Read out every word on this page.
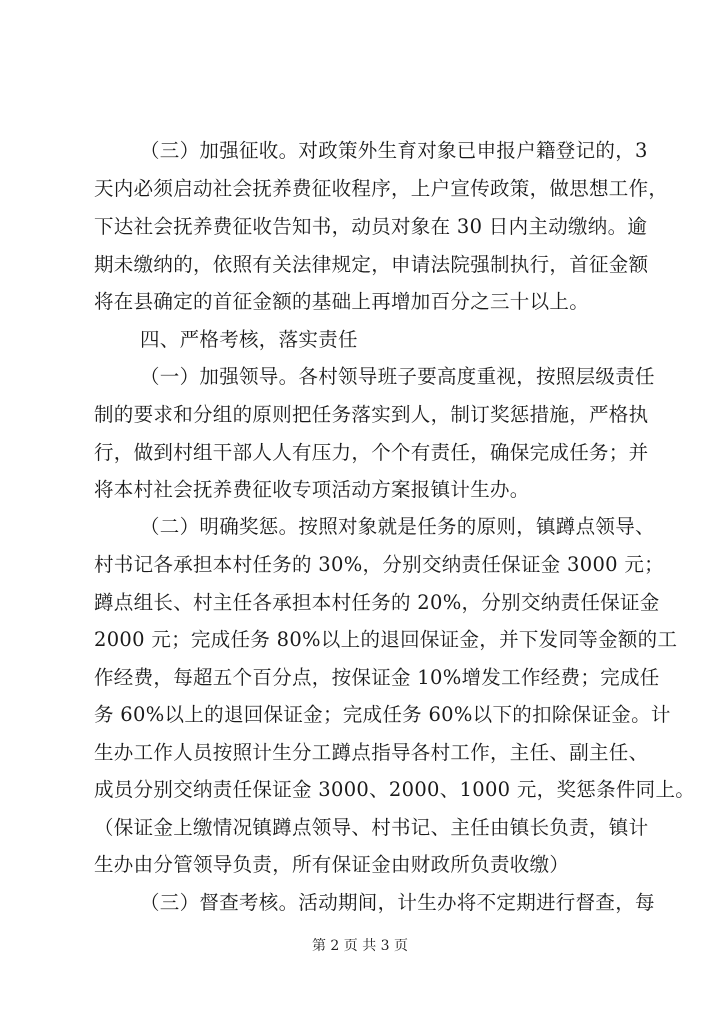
（三）加强征收。对政策外生育对象已申报户籍登记的，3
天内必须启动社会抚养费征收程序，上户宣传政策，做思想工作，
下达社会抚养费征收告知书，动员对象在 30 日内主动缴纳。逾
期未缴纳的，依照有关法律规定，申请法院强制执行，首征金额
将在县确定的首征金额的基础上再增加百分之三十以上。
四、严格考核，落实责任
（一）加强领导。各村领导班子要高度重视，按照层级责任
制的要求和分组的原则把任务落实到人，制订奖惩措施，严格执
行，做到村组干部人人有压力，个个有责任，确保完成任务；并
将本村社会抚养费征收专项活动方案报镇计生办。
（二）明确奖惩。按照对象就是任务的原则，镇蹲点领导、
村书记各承担本村任务的 30%，分别交纳责任保证金 3000 元；
蹲点组长、村主任各承担本村任务的 20%，分别交纳责任保证金
2000 元；完成任务 80%以上的退回保证金，并下发同等金额的工
作经费，每超五个百分点，按保证金 10%增发工作经费；完成任
务 60%以上的退回保证金；完成任务 60%以下的扣除保证金。计
生办工作人员按照计生分工蹲点指导各村工作，主任、副主任、
成员分别交纳责任保证金 3000、2000、1000 元，奖惩条件同上。
（保证金上缴情况镇蹲点领导、村书记、主任由镇长负责，镇计
生办由分管领导负责，所有保证金由财政所负责收缴）
（三）督查考核。活动期间，计生办将不定期进行督查，每
第 2 页 共 3 页
